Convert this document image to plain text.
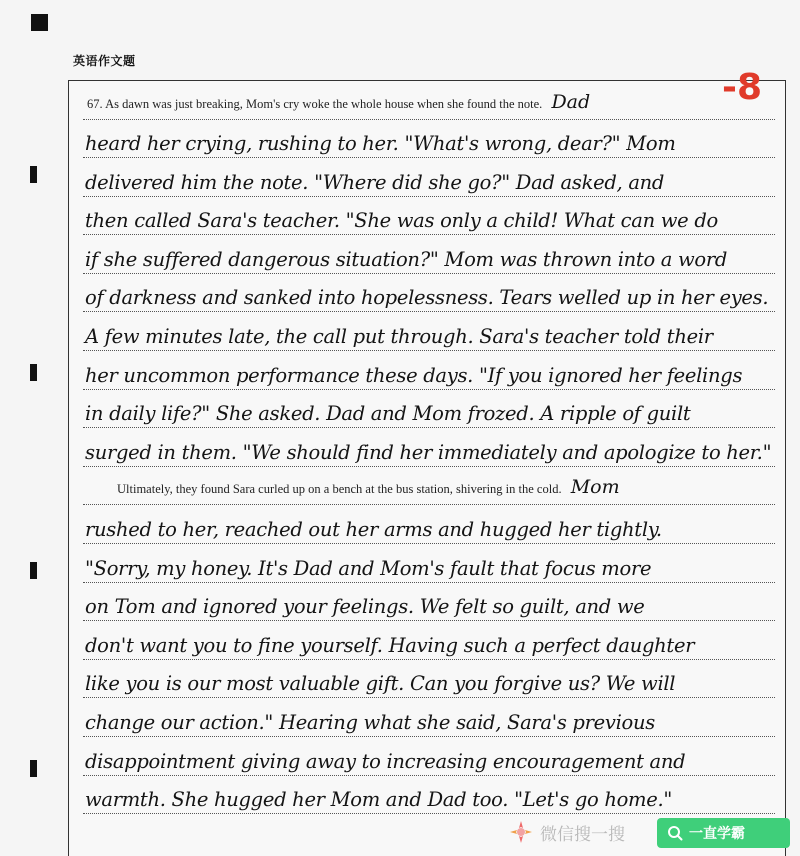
英语作文题
67. As dawn was just breaking, Mom's cry woke the whole house when she found the note. Dad
heard her crying, rushing to her. "What's wrong, dear?" Mom
delivered him the note. "Where did she go?" Dad asked, and
then called Sara's teacher. "She was only a child! What can we do
if she suffered dangerous situation?" Mom was thrown into a word
of darkness and sanked into hopelessness. Tears welled up in her eyes.
A few minutes late, the call put through. Sara's teacher told their
her uncommon performance these days. "If you ignored her feelings
in daily life?" She asked. Dad and Mom frozed. A ripple of guilt
surged in them. "We should find her immediately and apologize to her."
Ultimately, they found Sara curled up on a bench at the bus station, shivering in the cold. Mom
rushed to her, reached out her arms and hugged her tightly.
"Sorry, my honey. It's Dad and Mom's fault that focus more
on Tom and ignored your feelings. We felt so guilt, and we
don't want you to fine yourself. Having such a perfect daughter
like you is our most valuable gift. Can you forgive us? We will
change our action." Hearing what she said, Sara's previous
disappointment giving away to increasing encouragement and
warmth. She hugged her Mom and Dad too. "Let's go home."
-8
微信搜一搜	一直学霸
